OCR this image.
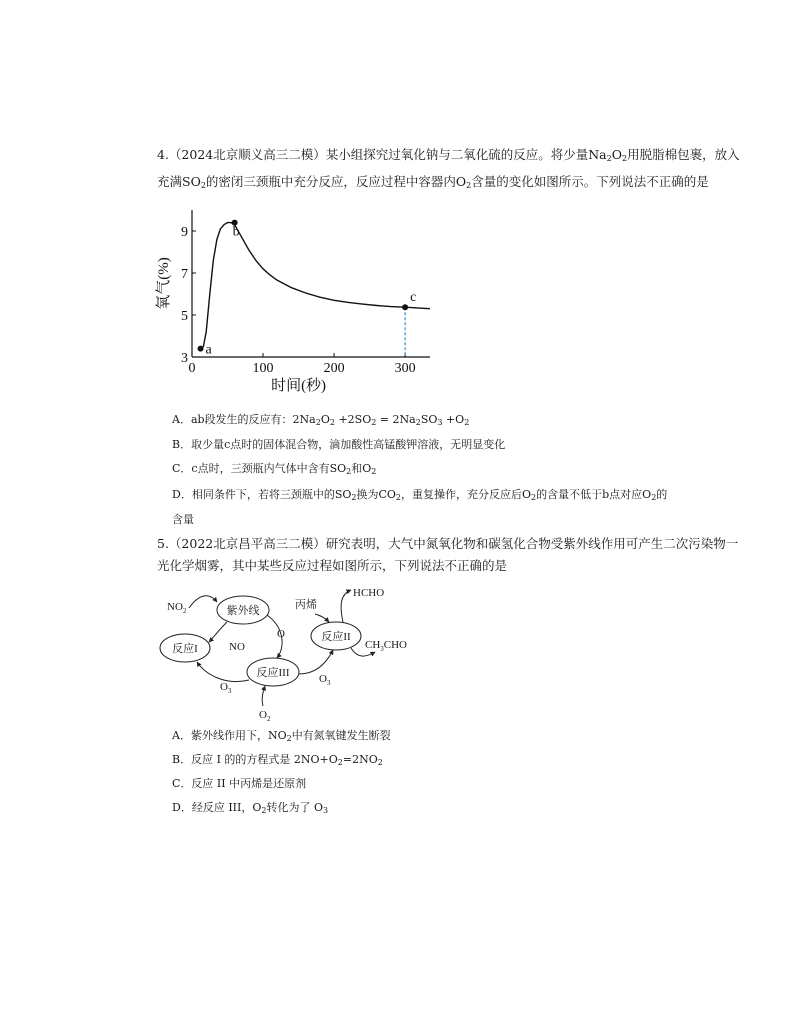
4.（2024北京顺义高三二模）某小组探究过氧化钠与二氧化硫的反应。将少量$Na_2O_2$用脱脂棉包裹，放入
充满$SO_2$的密闭三颈瓶中充分反应，反应过程中容器内$O_2$含量的变化如图所示。下列说法不正确的是
0	100	200	300
3
5
7
9
时间(秒)
氧气(%)
a
b
c
A．ab段发生的反应有：$2Na_2O_2 +2SO_2 = 2Na_2SO_3 +O_2$
B．取少量c点时的固体混合物，滴加酸性高锰酸钾溶液，无明显变化
C．c点时，三颈瓶内气体中含有$SO_2$和$O_2$
D．相同条件下，若将三颈瓶中的$SO_2$换为$CO_2$，重复操作，充分反应后$O_2$的含量不低于b点对应$O_2$的
含量
5.（2022北京昌平高三二模）研究表明，大气中氮氧化物和碳氢化合物受紫外线作用可产生二次污染物一
光化学烟雾，其中某些反应过程如图所示，下列说法不正确的是
$NO_2$	紫外线
反应I	NO
O
反应III
$O_3$
$O_3$
$O_2$
丙烯
反应II
HCHO
$CH_3CHO$
A．紫外线作用下，$NO_2$中有氮氧键发生断裂
B．反应 I 的的方程式是 $2NO+O_2=2NO_2$
C．反应 II 中丙烯是还原剂
D．经反应 III，$O_2$转化为了 $O_3$
